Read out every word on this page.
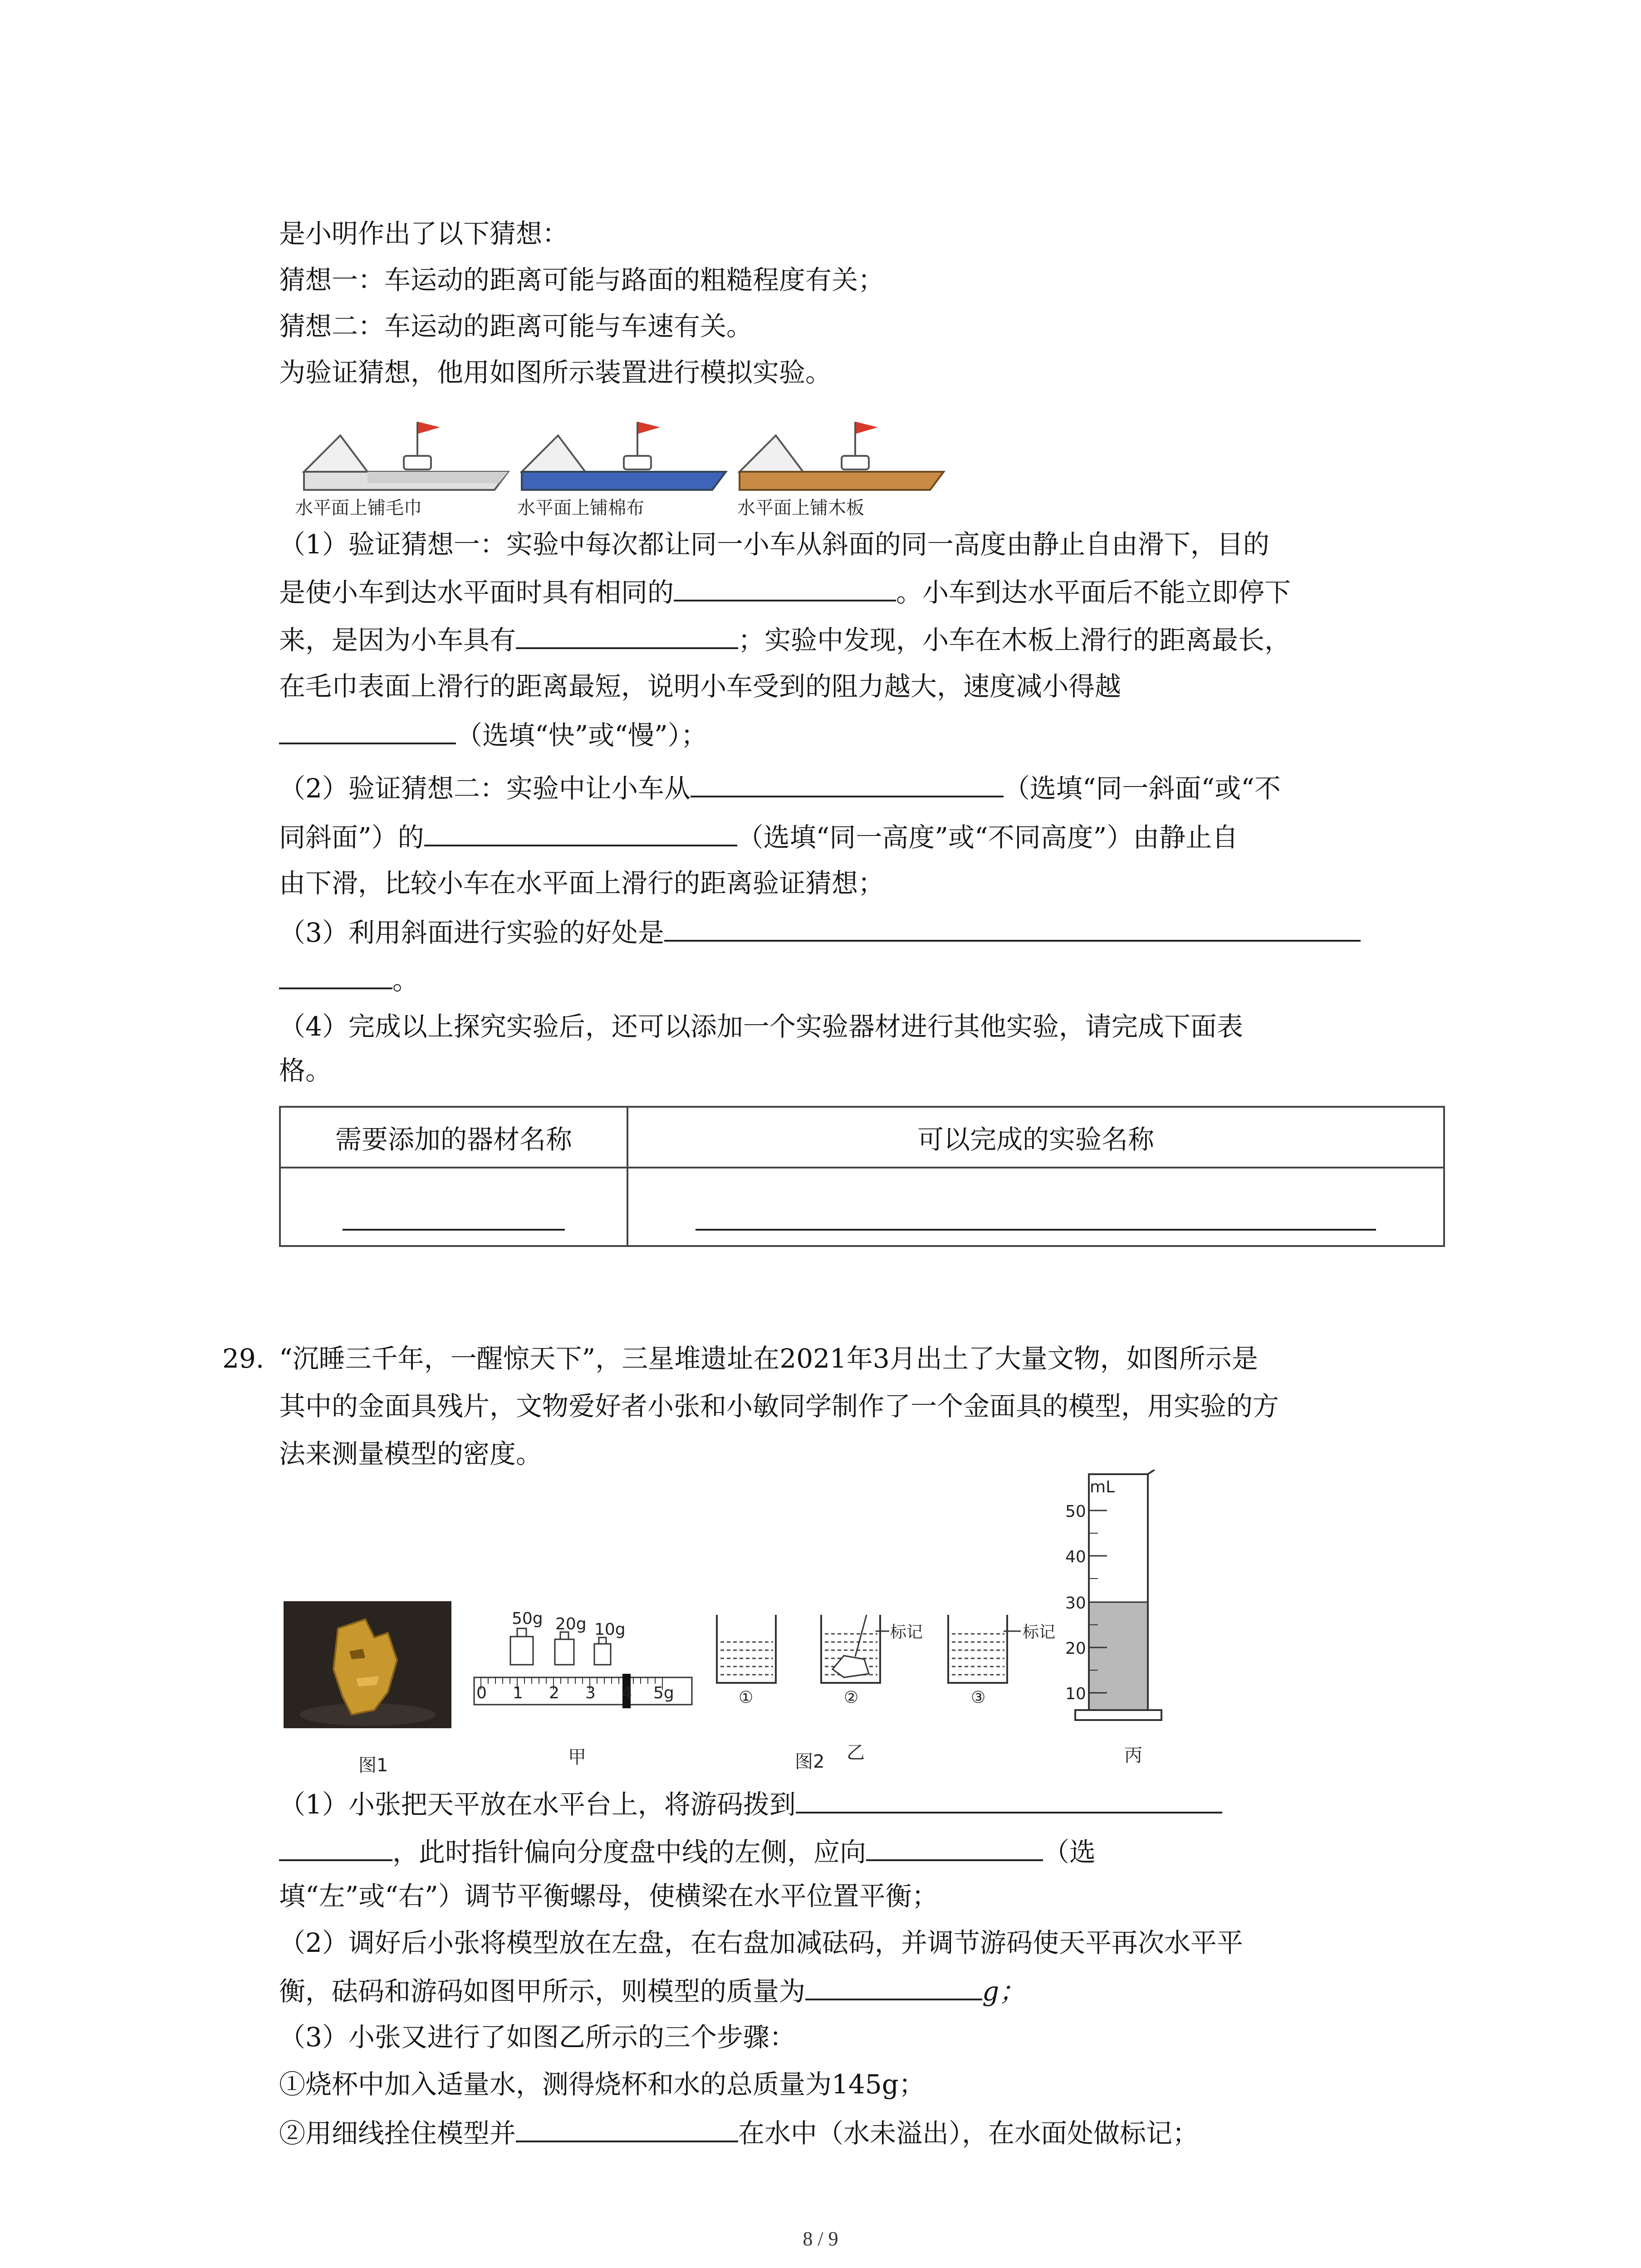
是小明作出了以下猜想：
猜想一：车运动的距离可能与路面的粗糙程度有关；
猜想二：车运动的距离可能与车速有关。
为验证猜想，他用如图所示装置进行模拟实验。
水平面上铺毛巾	水平面上铺棉布	水平面上铺木板
（1）验证猜想一：实验中每次都让同一小车从斜面的同一高度由静止自由滑下，目的
是使小车到达水平面时具有相同的	。小车到达水平面后不能立即停下
来，是因为小车具有	；实验中发现，小车在木板上滑行的距离最长，
在毛巾表面上滑行的距离最短，说明小车受到的阻力越大，速度减小得越
（选填“快”或“慢”）；
（2）验证猜想二：实验中让小车从	（选填“同一斜面“或“不
同斜面”）的	（选填“同一高度”或“不同高度”）由静止自
由下滑，比较小车在水平面上滑行的距离验证猜想；
（3）利用斜面进行实验的好处是
。
（4）完成以上探究实验后，还可以添加一个实验器材进行其他实验，请完成下面表
格。
需要添加的器材名称	可以完成的实验名称

29. “沉睡三千年，一醒惊天下”，三星堆遗址在2021年3月出土了大量文物，如图所示是
其中的金面具残片，文物爱好者小张和小敏同学制作了一个金面具的模型，用实验的方
法来测量模型的密度。
图1
50g 20g 10g
0 1 2 3 4 5g
甲
标记	标记
①	②	③
图2 乙
mL
50
40
30
20
10
丙
（1）小张把天平放在水平台上，将游码拨到
，此时指针偏向分度盘中线的左侧，应向	（选
填“左”或“右”）调节平衡螺母，使横梁在水平位置平衡；
（2）调好后小张将模型放在左盘，在右盘加减砝码，并调节游码使天平再次水平平
衡，砝码和游码如图甲所示，则模型的质量为	g；
（3）小张又进行了如图乙所示的三个步骤：
①烧杯中加入适量水，测得烧杯和水的总质量为145g；
②用细线拴住模型并	在水中（水未溢出），在水面处做标记；
8 / 9
